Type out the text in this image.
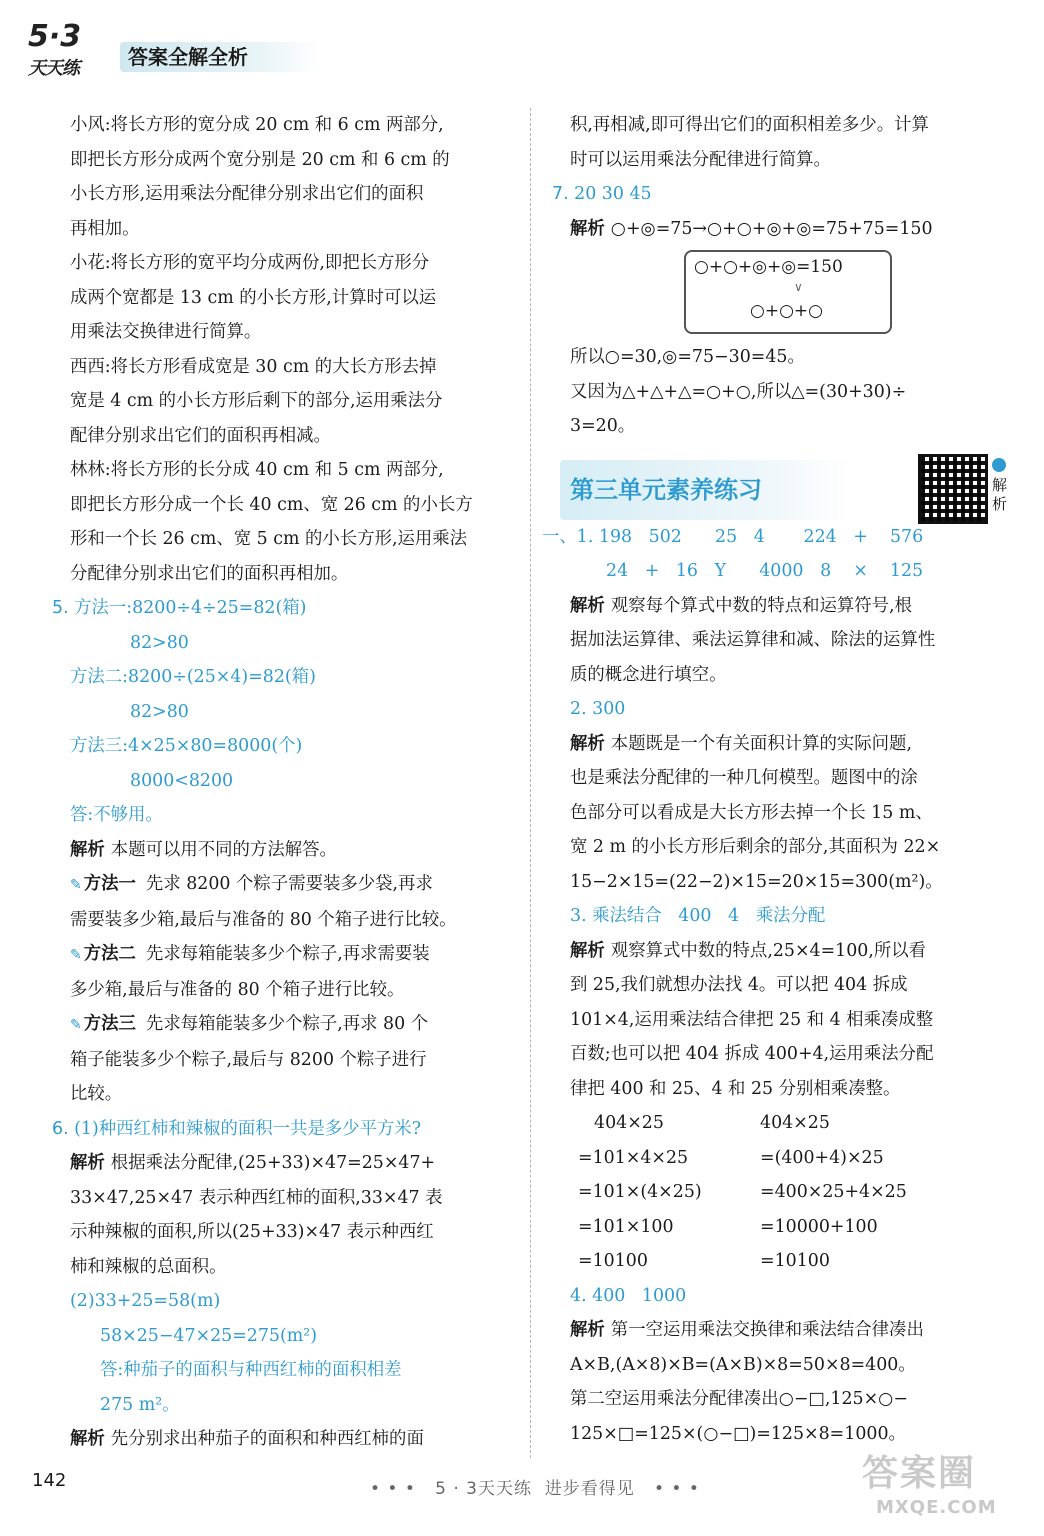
5·3
天天练	答案全解全析

小风:将长方形的宽分成 20 cm 和 6 cm 两部分,

即把长方形分成两个宽分别是 20 cm 和 6 cm 的

小长方形,运用乘法分配律分别求出它们的面积

再相加。

小花:将长方形的宽平均分成两份,即把长方形分

成两个宽都是 13 cm 的小长方形,计算时可以运

用乘法交换律进行简算。

西西:将长方形看成宽是 30 cm 的大长方形去掉

宽是 4 cm 的小长方形后剩下的部分,运用乘法分

配律分别求出它们的面积再相减。

林林:将长方形的长分成 40 cm 和 5 cm 两部分,

即把长方形分成一个长 40 cm、宽 26 cm 的小长方

形和一个长 26 cm、宽 5 cm 的小长方形,运用乘法

分配律分别求出它们的面积再相加。

5. 方法一:8200÷4÷25=82(箱)

82>80

方法二:8200÷(25×4)=82(箱)

82>80

方法三:4×25×80=8000(个)

8000<8200

答:不够用。

解析 本题可以用不同的方法解答。

✎ 方法一 先求 8200 个粽子需要装多少袋,再求

需要装多少箱,最后与准备的 80 个箱子进行比较。

✎ 方法二 先求每箱能装多少个粽子,再求需要装

多少箱,最后与准备的 80 个箱子进行比较。

✎ 方法三 先求每箱能装多少个粽子,再求 80 个

箱子能装多少个粽子,最后与 8200 个粽子进行

比较。

6. (1)种西红柿和辣椒的面积一共是多少平方米?

解析 根据乘法分配律,(25+33)×47=25×47+

33×47,25×47 表示种西红柿的面积,33×47 表

示种辣椒的面积,所以(25+33)×47 表示种西红

柿和辣椒的总面积。

(2)33+25=58(m)

58×25−47×25=275(m²)

答:种茄子的面积与种西红柿的面积相差

275 m²。

解析 先分别求出种茄子的面积和种西红柿的面

积,再相减,即可得出它们的面积相差多少。计算

时可以运用乘法分配律进行简算。

7. 20 30 45

解析 ○+◎=75→○+○+◎+◎=75+75=150

○+○+◎+◎=150
∨
○+○+○

所以○=30,◎=75−30=45。

又因为△+△+△=○+○,所以△=(30+30)÷

3=20。

第三单元素养练习

一、1. 198   502      25   4       224   +    576

24   +   16   Y      4000   8    ×    125

解析 观察每个算式中数的特点和运算符号,根

据加法运算律、乘法运算律和减、除法的运算性

质的概念进行填空。

2. 300

解析 本题既是一个有关面积计算的实际问题,

也是乘法分配律的一种几何模型。题图中的涂

色部分可以看成是大长方形去掉一个长 15 m、

宽 2 m 的小长方形后剩余的部分,其面积为 22×

15−2×15=(22−2)×15=20×15=300(m²)。

3. 乘法结合   400   4   乘法分配

解析 观察算式中数的特点,25×4=100,所以看

到 25,我们就想办法找 4。可以把 404 拆成

101×4,运用乘法结合律把 25 和 4 相乘凑成整

百数;也可以把 404 拆成 400+4,运用乘法分配

律把 400 和 25、4 和 25 分别相乘凑整。

404×25	404×25
=101×4×25	=(400+4)×25
=101×(4×25)	=400×25+4×25
=101×100	=10000+100
=10100	=10100

4. 400   1000

解析 第一空运用乘法交换律和乘法结合律凑出

A×B,(A×8)×B=(A×B)×8=50×8=400。

第二空运用乘法分配律凑出○−□,125×○−

125×□=125×(○−□)=125×8=1000。

解析
142	• • •   5 · 3天天练  进步看得见   • • •	答案圈
MXQE.COM
